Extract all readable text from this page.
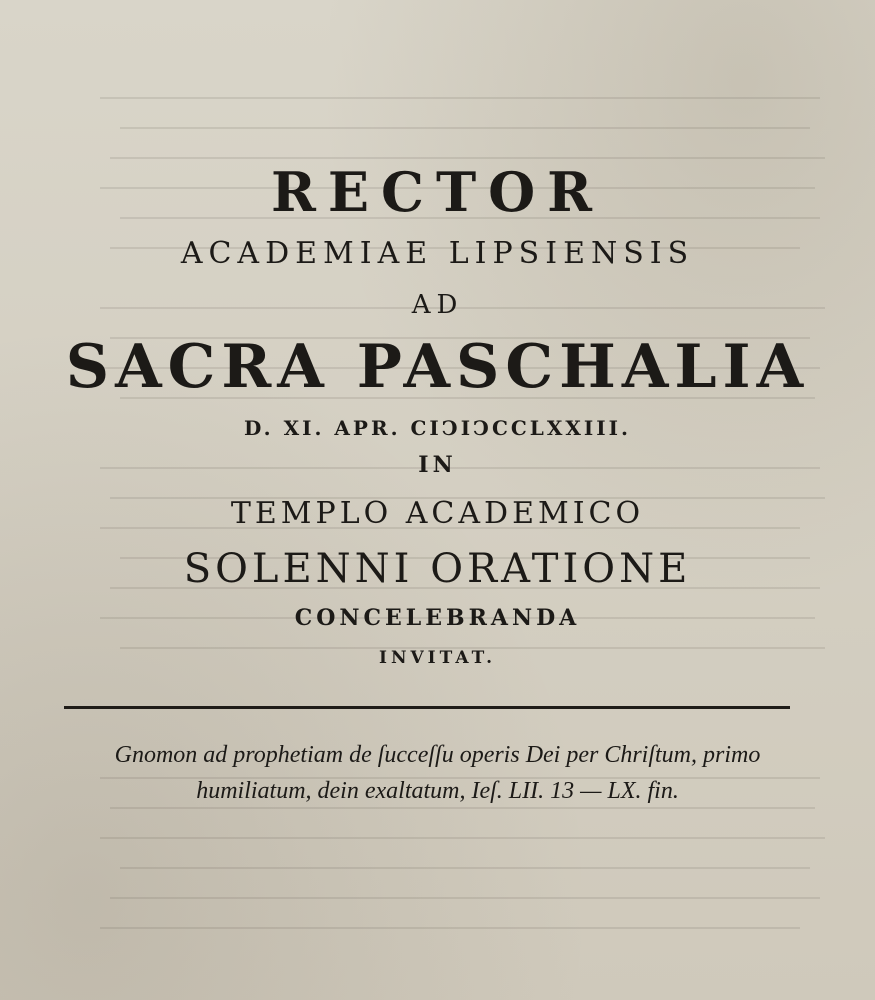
RECTOR
ACADEMIAE LIPSIENSIS
AD
SACRA PASCHALIA
D. XI. APR. CIↃIↃCCLXXIII.
IN
TEMPLO ACADEMICO
SOLENNI ORATIONE
CONCELEBRANDA
INVITAT.
Gnomon ad prophetiam de ſucceſſu operis Dei per Chriſtum, primo
humiliatum, dein exaltatum, Ieſ. LII. 13 — LX. fin.
